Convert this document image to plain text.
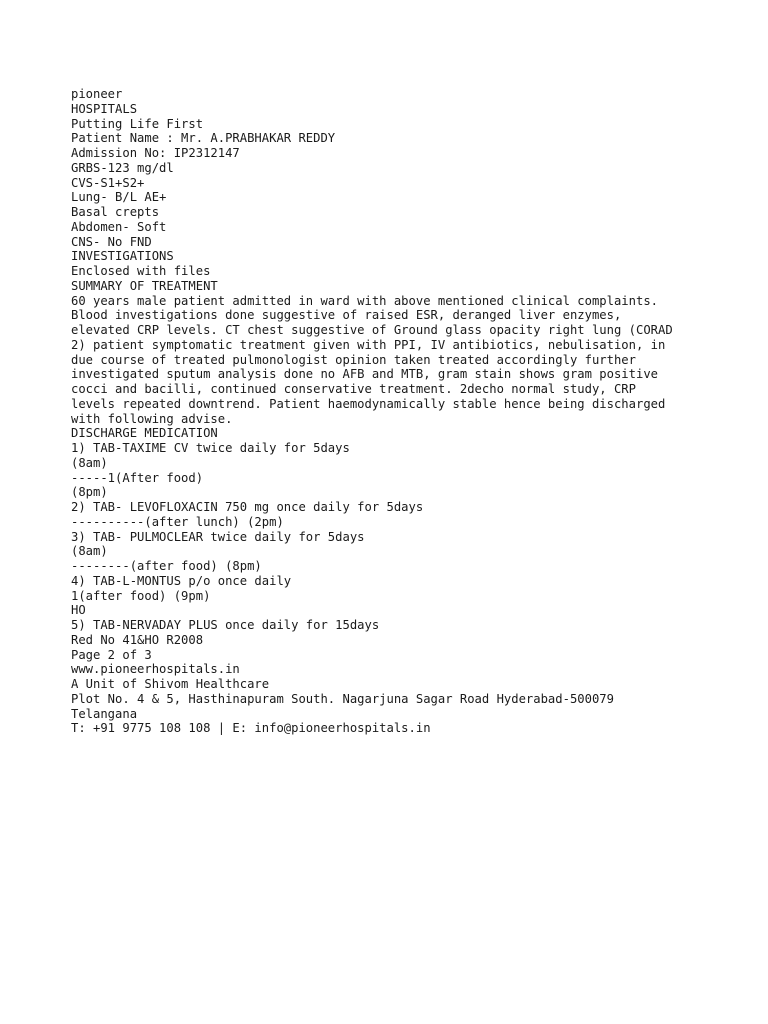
pioneer
HOSPITALS
Putting Life First
Patient Name : Mr. A.PRABHAKAR REDDY
Admission No: IP2312147
GRBS-123 mg/dl
CVS-S1+S2+
Lung- B/L AE+
Basal crepts
Abdomen- Soft
CNS- No FND
INVESTIGATIONS
Enclosed with files
SUMMARY OF TREATMENT
60 years male patient admitted in ward with above mentioned clinical complaints.
Blood investigations done suggestive of raised ESR, deranged liver enzymes,
elevated CRP levels. CT chest suggestive of Ground glass opacity right lung (CORAD
2) patient symptomatic treatment given with PPI, IV antibiotics, nebulisation, in
due course of treated pulmonologist opinion taken treated accordingly further
investigated sputum analysis done no AFB and MTB, gram stain shows gram positive
cocci and bacilli, continued conservative treatment. 2decho normal study, CRP
levels repeated downtrend. Patient haemodynamically stable hence being discharged
with following advise.
DISCHARGE MEDICATION
1) TAB-TAXIME CV twice daily for 5days
(8am)
-----1(After food)
(8pm)
2) TAB- LEVOFLOXACIN 750 mg once daily for 5days
----------(after lunch) (2pm)
3) TAB- PULMOCLEAR twice daily for 5days
(8am)
--------(after food) (8pm)
4) TAB-L-MONTUS p/o once daily
1(after food) (9pm)
HO
5) TAB-NERVADAY PLUS once daily for 15days
Red No 41&HO R2008
Page 2 of 3
www.pioneerhospitals.in
A Unit of Shivom Healthcare
Plot No. 4 & 5, Hasthinapuram South. Nagarjuna Sagar Road Hyderabad-500079
Telangana
T: +91 9775 108 108 | E: info@pioneerhospitals.in
